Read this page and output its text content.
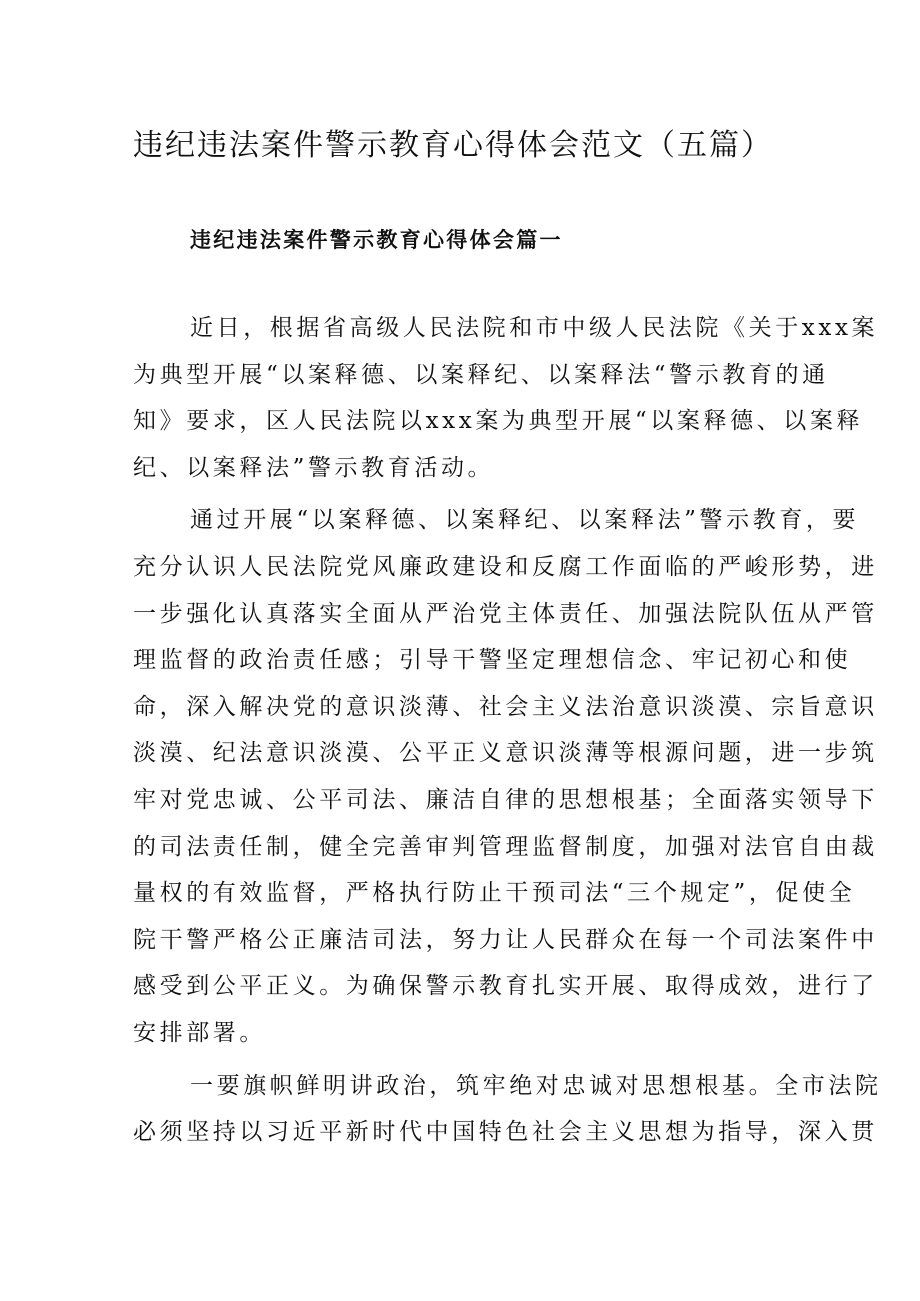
违纪违法案件警示教育心得体会范文（五篇）
违纪违法案件警示教育心得体会篇一
近日，根据省高级人民法院和市中级人民法院《关于xxx案
为典型开展“以案释德、以案释纪、以案释法“警示教育的通
知》要求，区人民法院以xxx案为典型开展“以案释德、以案释
纪、以案释法”警示教育活动。
通过开展“以案释德、以案释纪、以案释法”警示教育，要
充分认识人民法院党风廉政建设和反腐工作面临的严峻形势，进
一步强化认真落实全面从严治党主体责任、加强法院队伍从严管
理监督的政治责任感；引导干警坚定理想信念、牢记初心和使
命，深入解决党的意识淡薄、社会主义法治意识淡漠、宗旨意识
淡漠、纪法意识淡漠、公平正义意识淡薄等根源问题，进一步筑
牢对党忠诚、公平司法、廉洁自律的思想根基；全面落实领导下
的司法责任制，健全完善审判管理监督制度，加强对法官自由裁
量权的有效监督，严格执行防止干预司法“三个规定”，促使全
院干警严格公正廉洁司法，努力让人民群众在每一个司法案件中
感受到公平正义。为确保警示教育扎实开展、取得成效，进行了
安排部署。
一要旗帜鲜明讲政治，筑牢绝对忠诚对思想根基。全市法院
必须坚持以习近平新时代中国特色社会主义思想为指导，深入贯
